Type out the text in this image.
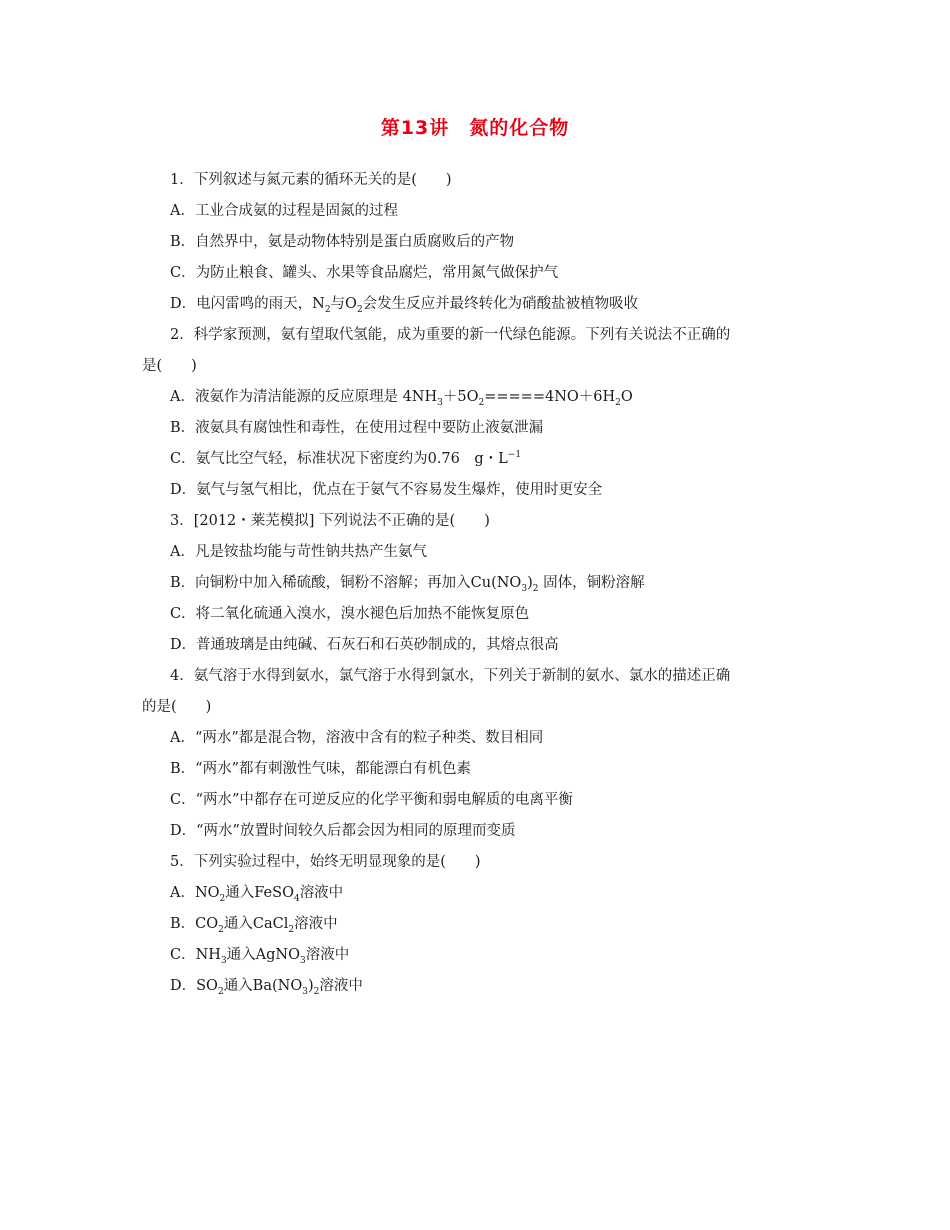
第13讲　氮的化合物
1．下列叙述与氮元素的循环无关的是(　　)
A．工业合成氨的过程是固氮的过程
B．自然界中，氨是动物体特别是蛋白质腐败后的产物
C．为防止粮食、罐头、水果等食品腐烂，常用氮气做保护气
D．电闪雷鸣的雨天，$N_2$与$O_2$会发生反应并最终转化为硝酸盐被植物吸收
2．科学家预测，氨有望取代氢能，成为重要的新一代绿色能源。下列有关说法不正确的
是(　　)
A．液氨作为清洁能源的反应原理是 $4NH_3+5O_2=====4NO+6H_2O$
B．液氨具有腐蚀性和毒性，在使用过程中要防止液氨泄漏
C．氨气比空气轻，标准状况下密度约为0.76　g・$L^{-1}$
D．氨气与氢气相比，优点在于氨气不容易发生爆炸，使用时更安全
3．[2012・莱芜模拟] 下列说法不正确的是(　　)
A．凡是铵盐均能与苛性钠共热产生氨气
B．向铜粉中加入稀硫酸，铜粉不溶解；再加入$Cu(NO_3)_2$ 固体，铜粉溶解
C．将二氧化硫通入溴水，溴水褪色后加热不能恢复原色
D．普通玻璃是由纯碱、石灰石和石英砂制成的，其熔点很高
4．氨气溶于水得到氨水，氯气溶于水得到氯水，下列关于新制的氨水、氯水的描述正确
的是(　　)
A．“两水”都是混合物，溶液中含有的粒子种类、数目相同
B．“两水”都有刺激性气味，都能漂白有机色素
C．“两水”中都存在可逆反应的化学平衡和弱电解质的电离平衡
D．“两水”放置时间较久后都会因为相同的原理而变质
5．下列实验过程中，始终无明显现象的是(　　)
A．$NO_2$通入FeSO$_4$溶液中
B．$CO_2$通入CaCl$_2$溶液中
C．$NH_3$通入AgNO$_3$溶液中
D．$SO_2$通入$Ba(NO_3)_2$溶液中
